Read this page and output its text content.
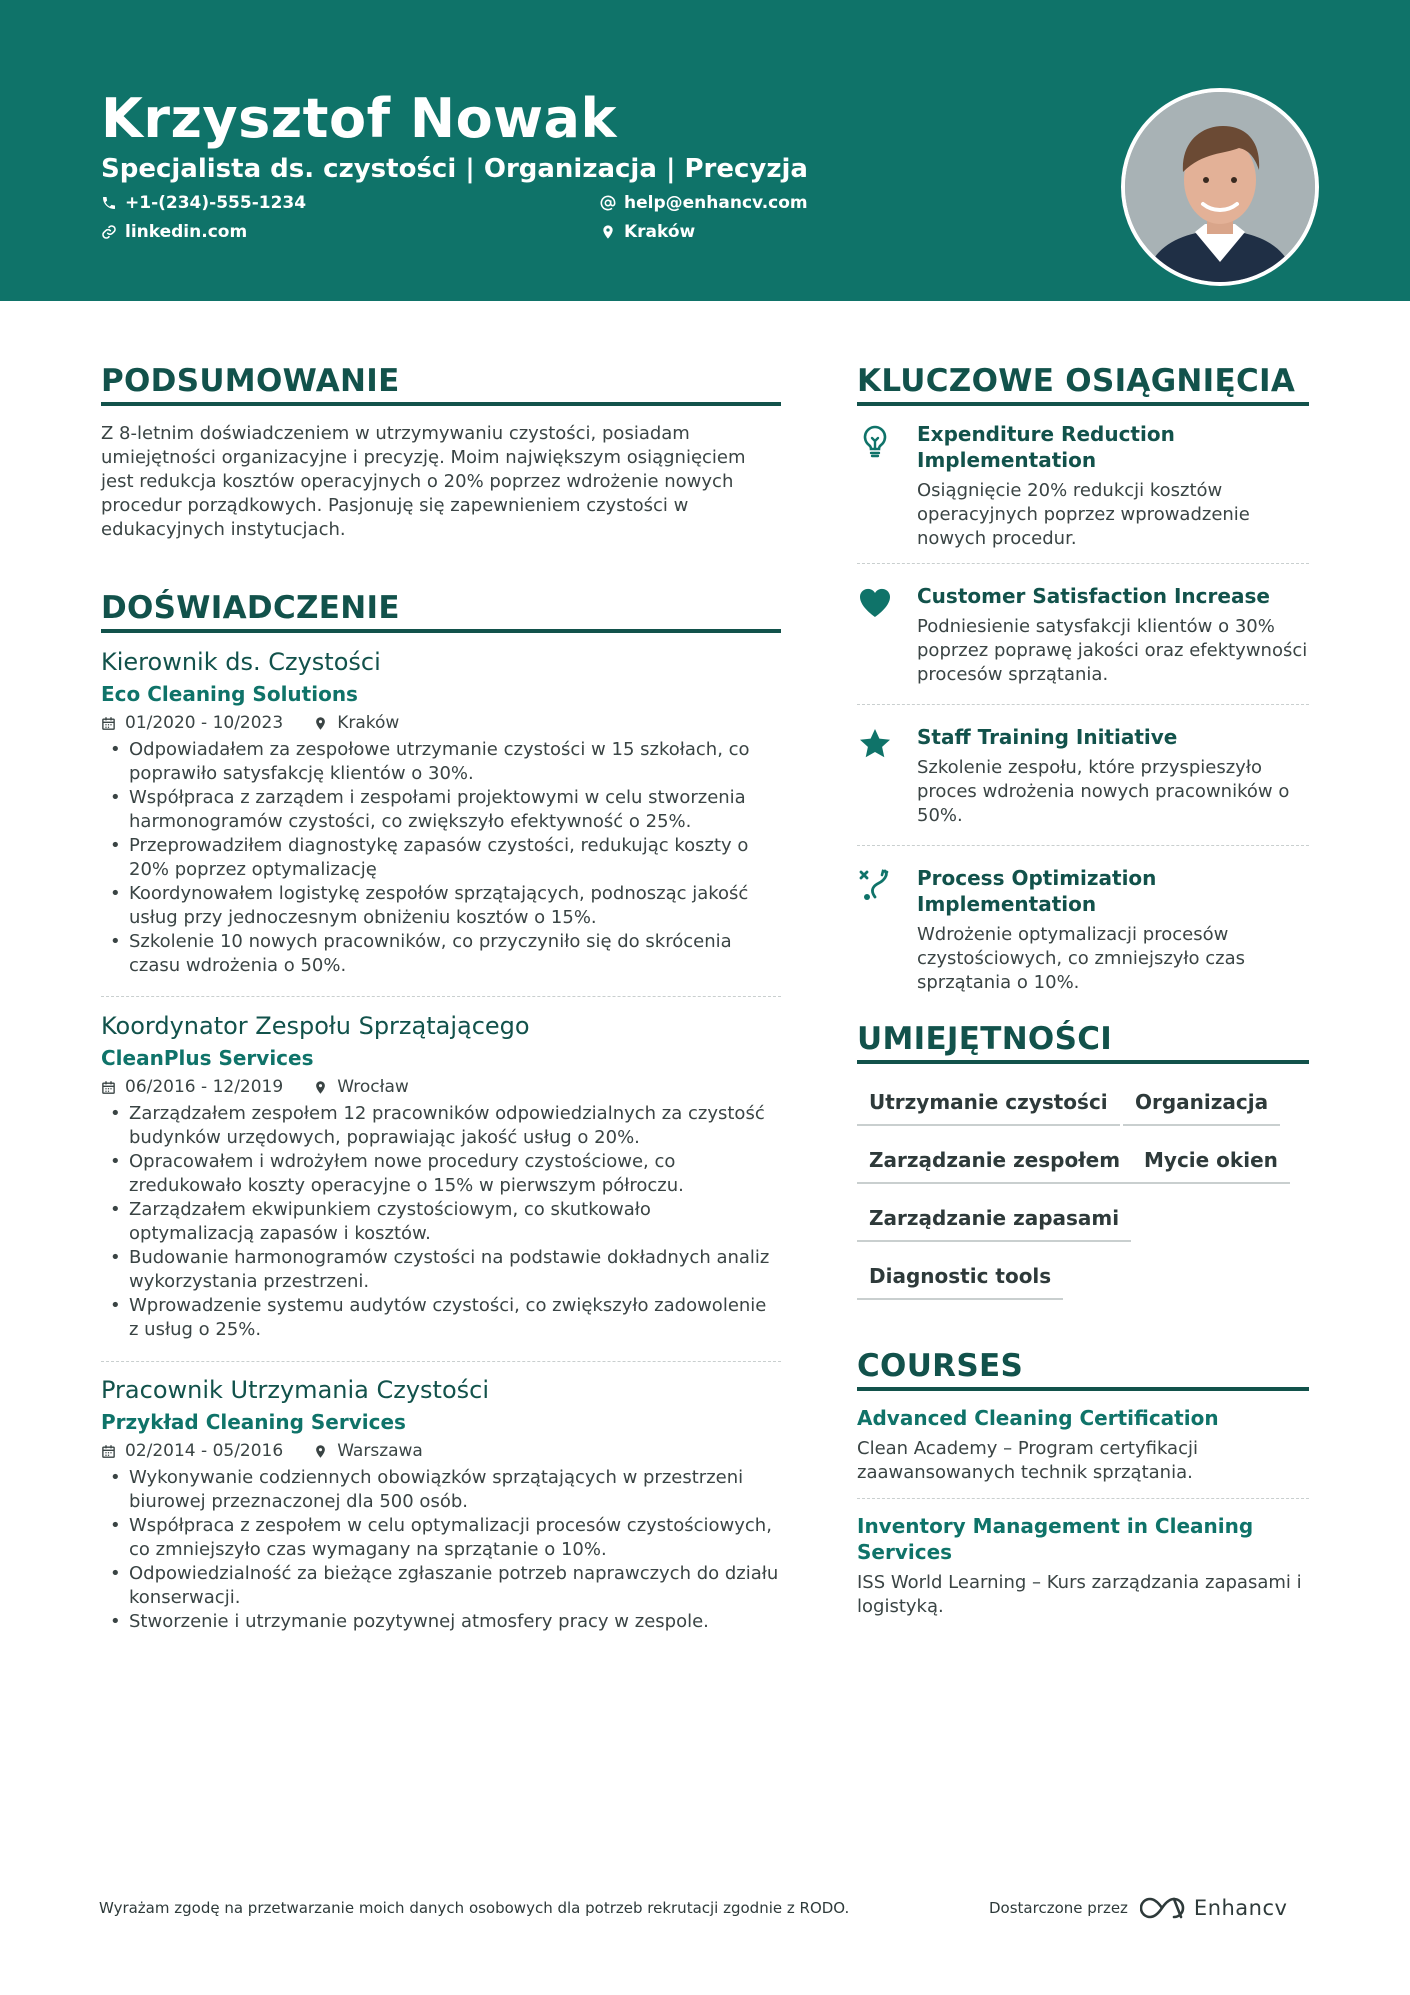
Krzysztof Nowak
Specjalista ds. czystości | Organizacja | Precyzja
+1-(234)-555-1234	help@enhancv.com
linkedin.com	Kraków
PODSUMOWANIE

Z 8-letnim doświadczeniem w utrzymywaniu czystości, posiadam umiejętności organizacyjne i precyzję. Moim największym osiągnięciem jest redukcja kosztów operacyjnych o 20% poprzez wdrożenie nowych procedur porządkowych. Pasjonuję się zapewnieniem czystości w edukacyjnych instytucjach.

DOŚWIADCZENIE

Kierownik ds. Czystości

Eco Cleaning Solutions

01/2020 - 10/2023	Kraków
• Odpowiadałem za zespołowe utrzymanie czystości w 15 szkołach, co poprawiło satysfakcję klientów o 30%.
• Współpraca z zarządem i zespołami projektowymi w celu stworzenia harmonogramów czystości, co zwiększyło efektywność o 25%.
• Przeprowadziłem diagnostykę zapasów czystości, redukując koszty o 20% poprzez optymalizację
• Koordynowałem logistykę zespołów sprzątających, podnosząc jakość usług przy jednoczesnym obniżeniu kosztów o 15%.
• Szkolenie 10 nowych pracowników, co przyczyniło się do skrócenia czasu wdrożenia o 50%.

Koordynator Zespołu Sprzątającego

CleanPlus Services

06/2016 - 12/2019	Wrocław
• Zarządzałem zespołem 12 pracowników odpowiedzialnych za czystość budynków urzędowych, poprawiając jakość usług o 20%.
• Opracowałem i wdrożyłem nowe procedury czystościowe, co zredukowało koszty operacyjne o 15% w pierwszym półroczu.
• Zarządzałem ekwipunkiem czystościowym, co skutkowało optymalizacją zapasów i kosztów.
• Budowanie harmonogramów czystości na podstawie dokładnych analiz wykorzystania przestrzeni.
• Wprowadzenie systemu audytów czystości, co zwiększyło zadowolenie z usług o 25%.

Pracownik Utrzymania Czystości

Przykład Cleaning Services

02/2014 - 05/2016	Warszawa
• Wykonywanie codziennych obowiązków sprzątających w przestrzeni biurowej przeznaczonej dla 500 osób.
• Współpraca z zespołem w celu optymalizacji procesów czystościowych, co zmniejszyło czas wymagany na sprzątanie o 10%.
• Odpowiedzialność za bieżące zgłaszanie potrzeb naprawczych do działu konserwacji.
• Stworzenie i utrzymanie pozytywnej atmosfery pracy w zespole.
KLUCZOWE OSIĄGNIĘCIA

Expenditure Reduction Implementation

Osiągnięcie 20% redukcji kosztów operacyjnych poprzez wprowadzenie nowych procedur.

Customer Satisfaction Increase

Podniesienie satysfakcji klientów o 30% poprzez poprawę jakości oraz efektywności procesów sprzątania.

Staff Training Initiative

Szkolenie zespołu, które przyspieszyło proces wdrożenia nowych pracowników o 50%.

Process Optimization Implementation

Wdrożenie optymalizacji procesów czystościowych, co zmniejszyło czas sprzątania o 10%.

UMIEJĘTNOŚCI
Utrzymanie czystości	Organizacja
Zarządzanie zespołem	Mycie okien
Zarządzanie zapasami
Diagnostic tools
COURSES

Advanced Cleaning Certification

Clean Academy – Program certyfikacji zaawansowanych technik sprzątania.

Inventory Management in Cleaning Services

ISS World Learning – Kurs zarządzania zapasami i logistyką.

Wyrażam zgodę na przetwarzanie moich danych osobowych dla potrzeb rekrutacji zgodnie z RODO.	Dostarczone przez	Enhancv
